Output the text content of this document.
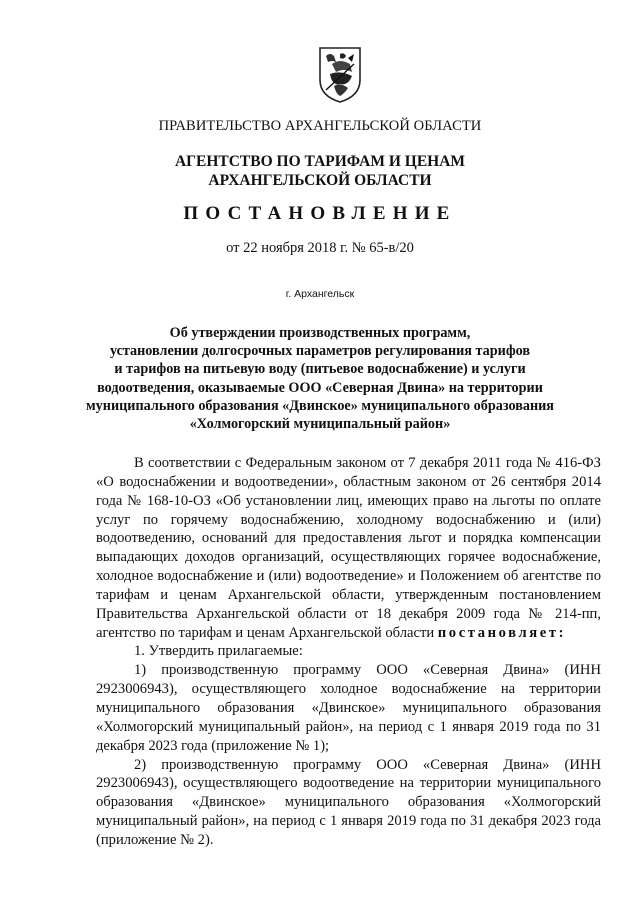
ПРАВИТЕЛЬСТВО АРХАНГЕЛЬСКОЙ ОБЛАСТИ
АГЕНТСТВО ПО ТАРИФАМ И ЦЕНАМ
АРХАНГЕЛЬСКОЙ ОБЛАСТИ
ПОСТАНОВЛЕНИЕ
от 22 ноября 2018 г. № 65-в/20
г. Архангельск
Об утверждении производственных программ,
установлении долгосрочных параметров регулирования тарифов
и тарифов на питьевую воду (питьевое водоснабжение) и услуги
водоотведения, оказываемые ООО «Северная Двина» на территории
муниципального образования «Двинское» муниципального образования
«Холмогорский муниципальный район»

В соответствии с Федеральным законом от 7 декабря 2011 года № 416-ФЗ «О водоснабжении и водоотведении», областным законом от 26 сентября 2014 года № 168-10-ОЗ «Об установлении лиц, имеющих право на льготы по оплате услуг по горячему водоснабжению, холодному водоснабжению и (или) водоотведению, оснований для предоставления льгот и порядка компенсации выпадающих доходов организаций, осуществляющих горячее водоснабжение, холодное водоснабжение и (или) водоотведение» и Положением об агентстве по тарифам и ценам Архангельской области, утвержденным постановлением Правительства Архангельской области от 18 декабря 2009 года № 214-пп, агентство по тарифам и ценам Архангельской области постановляет:

1. Утвердить прилагаемые:

1) производственную программу ООО «Северная Двина» (ИНН 2923006943), осуществляющего холодное водоснабжение на территории муниципального образования «Двинское» муниципального образования «Холмогорский муниципальный район», на период с 1 января 2019 года по 31 декабря 2023 года (приложение № 1);

2) производственную программу ООО «Северная Двина» (ИНН 2923006943), осуществляющего водоотведение на территории муниципального образования «Двинское» муниципального образования «Холмогорский муниципальный район», на период с 1 января 2019 года по 31 декабря 2023 года (приложение № 2).
